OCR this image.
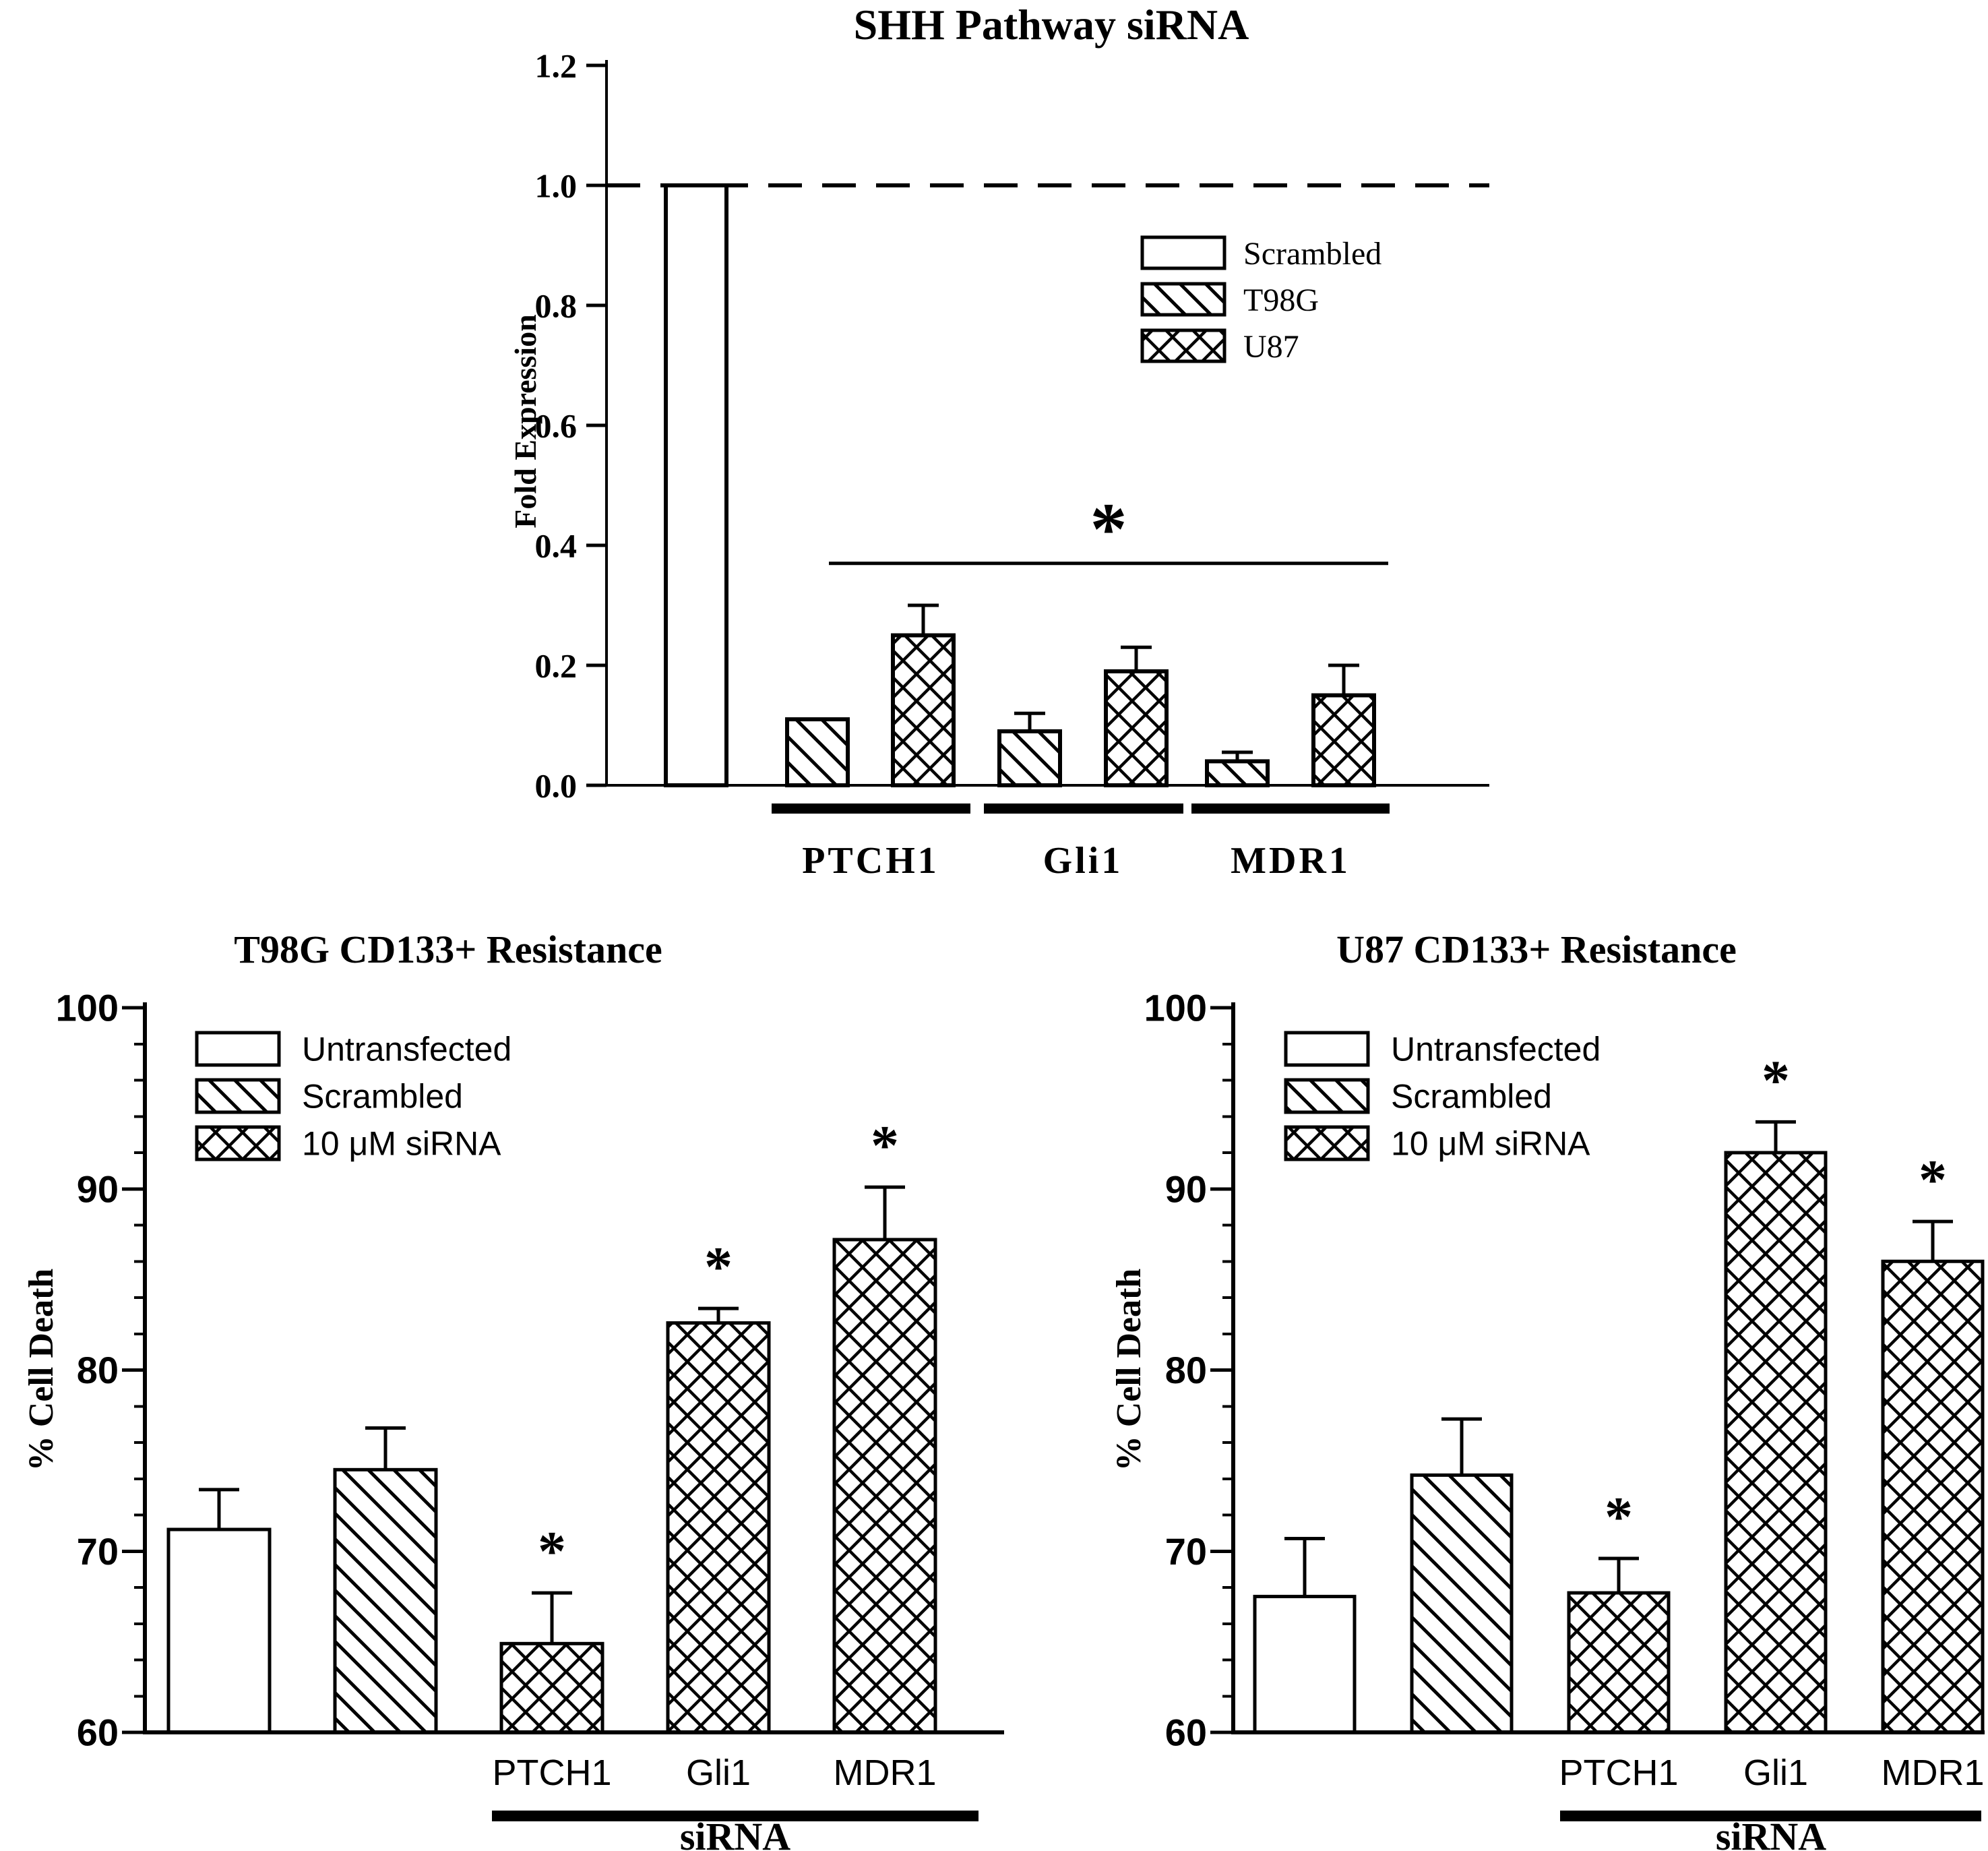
0.0
0.2
0.4
0.6
0.8
1.0
1.2
SHH Pathway siRNA
Fold Expression
Scrambled
T98G
U87
PTCH1	Gli1	MDR1
*
*
*
*
60
70
80
90
100
T98G CD133+ Resistance
% Cell Death
Untransfected
Scrambled
10 μM siRNA
PTCH1 Gli1 MDR1
siRNA
*
*
*
60
70
80
90
100
U87 CD133+ Resistance
% Cell Death
Untransfected
Scrambled
10 μM siRNA
PTCH1 Gli1 MDR1
siRNA
